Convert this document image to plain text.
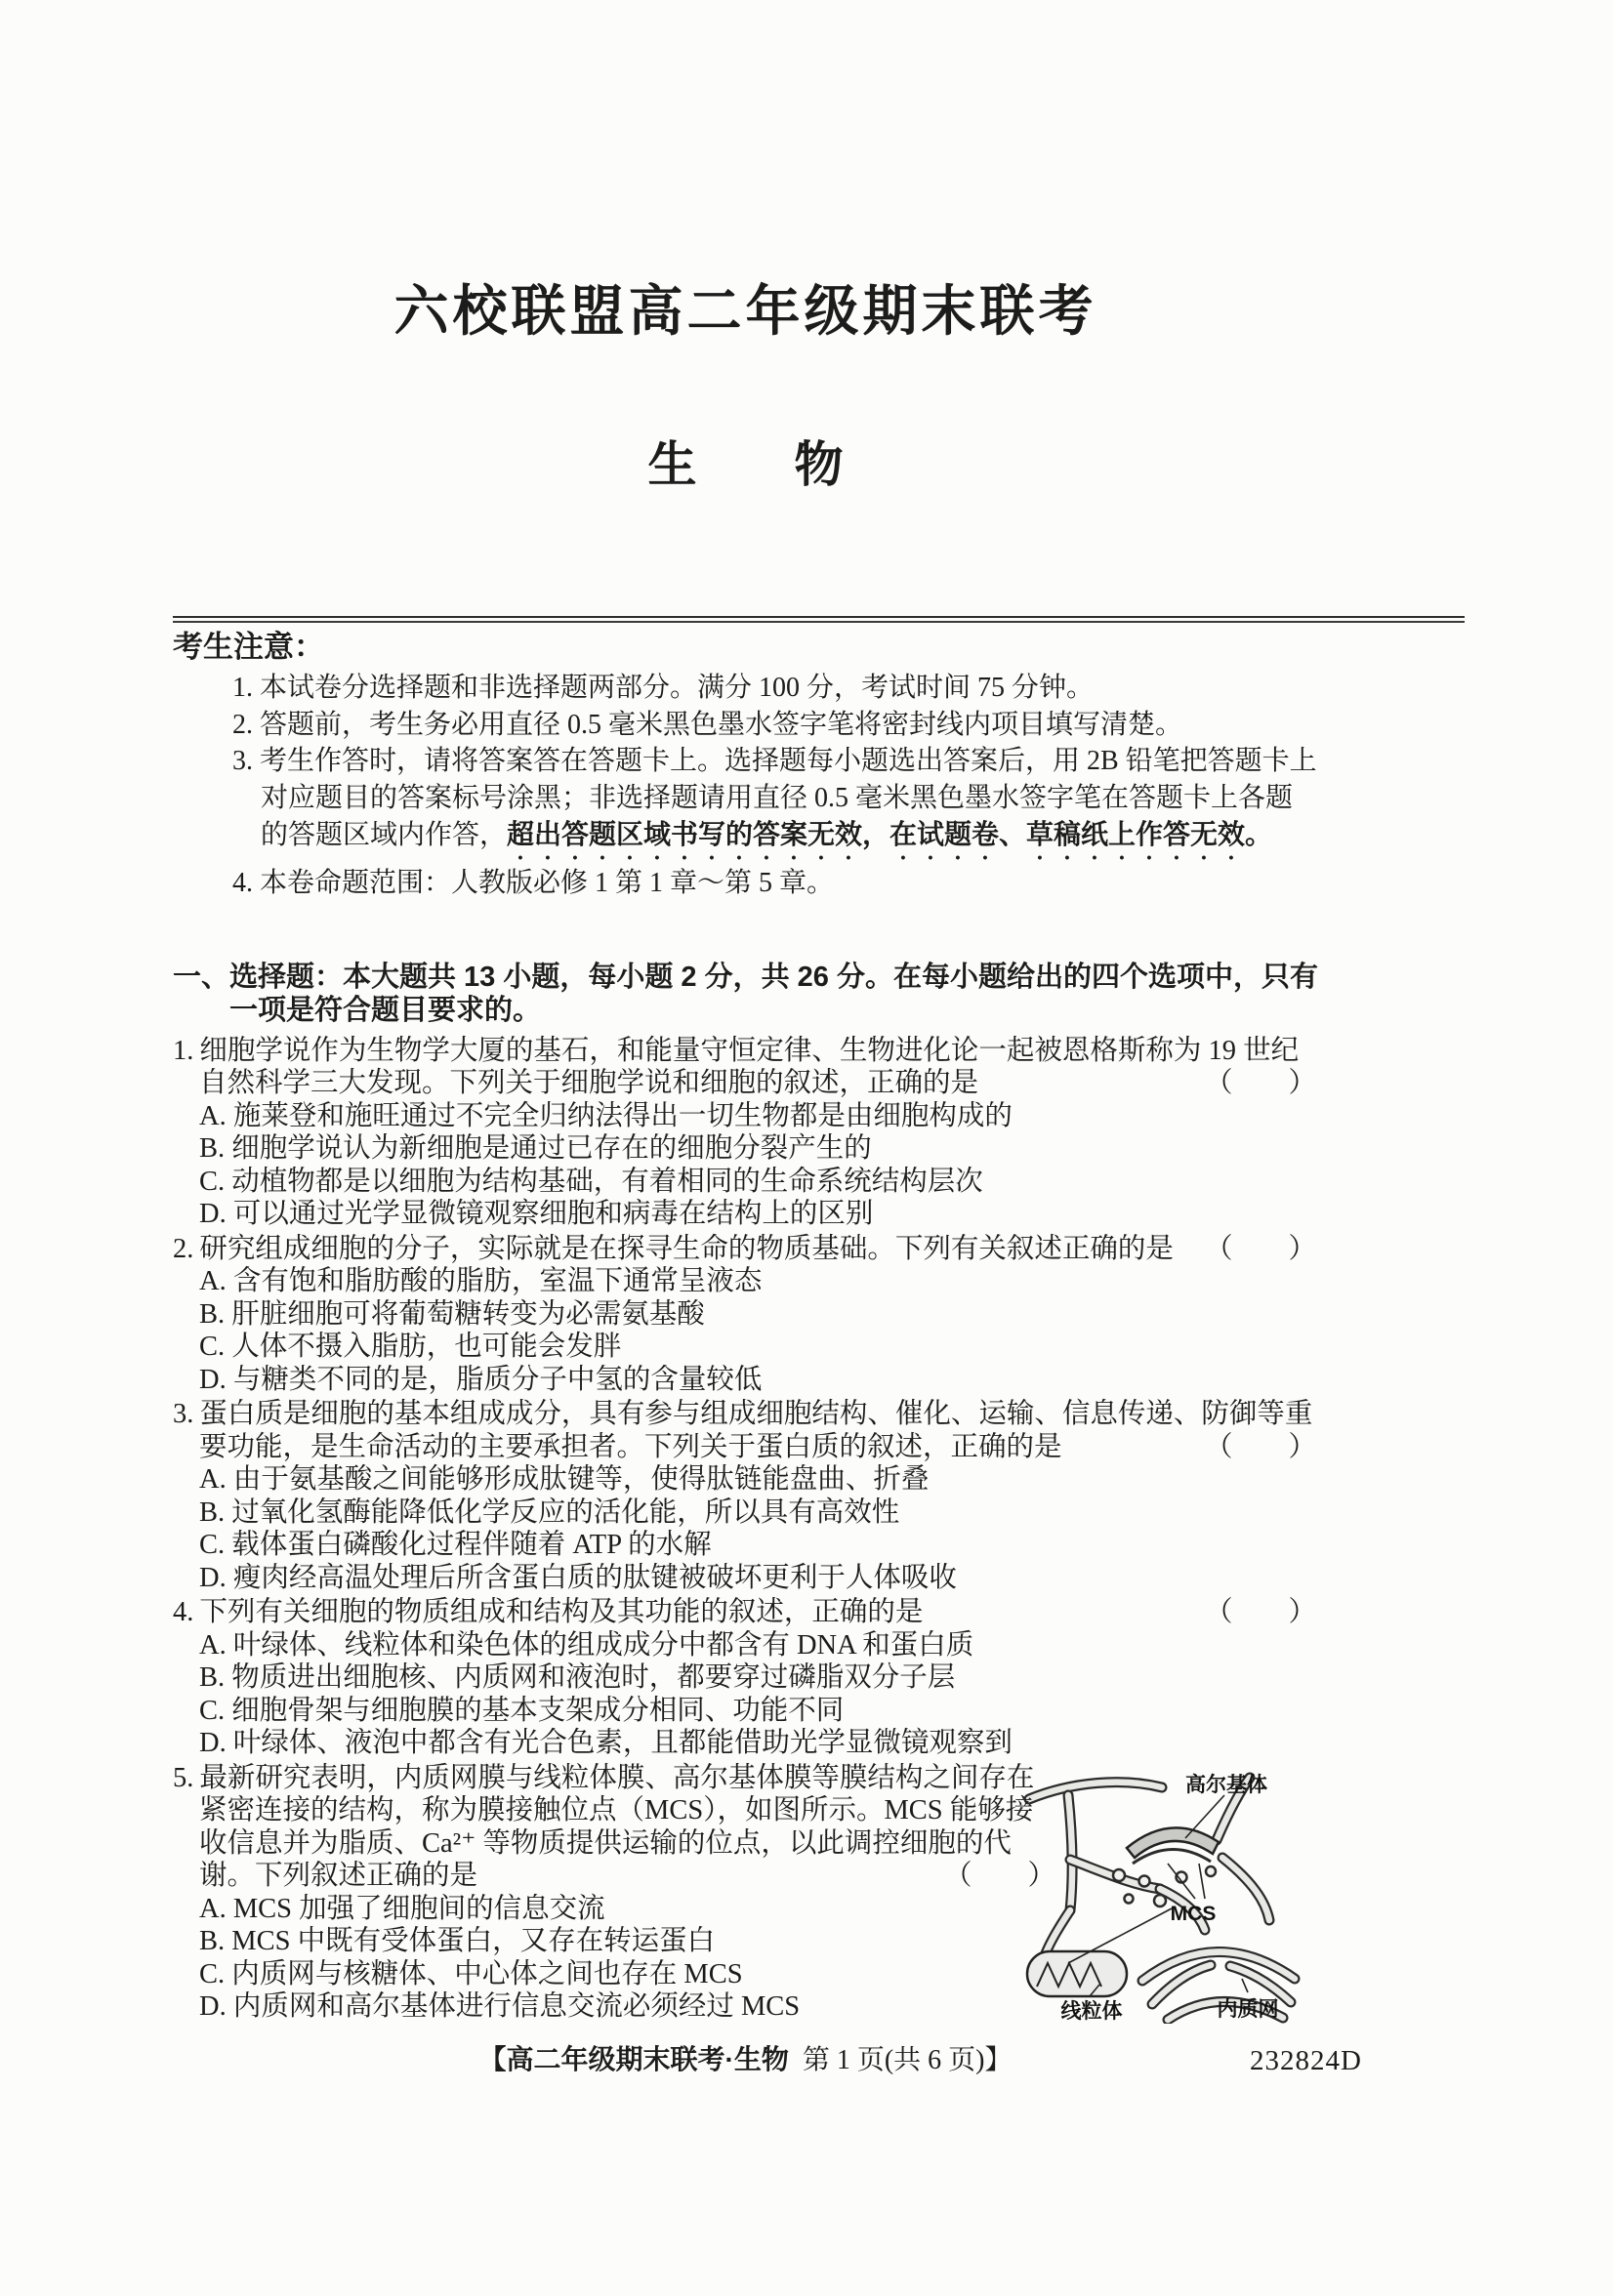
六校联盟高二年级期末联考
生　　物
考生注意：
1. 本试卷分选择题和非选择题两部分。满分 100 分，考试时间 75 分钟。
2. 答题前，考生务必用直径 0.5 毫米黑色墨水签字笔将密封线内项目填写清楚。
3. 考生作答时，请将答案答在答题卡上。选择题每小题选出答案后，用 2B 铅笔把答题卡上对应题目的答案标号涂黑；非选择题请用直径 0.5 毫米黑色墨水签字笔在答题卡上各题的答题区域内作答，超出答题区域书写的答案无效，在试题卷、草稿纸上作答无效。
4. 本卷命题范围：人教版必修 1 第 1 章～第 5 章。
一、选择题：本大题共 13 小题，每小题 2 分，共 26 分。在每小题给出的四个选项中，只有一项是符合题目要求的。
1. 细胞学说作为生物学大厦的基石，和能量守恒定律、生物进化论一起被恩格斯称为 19 世纪自然科学三大发现。下列关于细胞学说和细胞的叙述，正确的是	（　　）
A. 施莱登和施旺通过不完全归纳法得出一切生物都是由细胞构成的
B. 细胞学说认为新细胞是通过已存在的细胞分裂产生的
C. 动植物都是以细胞为结构基础，有着相同的生命系统结构层次
D. 可以通过光学显微镜观察细胞和病毒在结构上的区别
2. 研究组成细胞的分子，实际就是在探寻生命的物质基础。下列有关叙述正确的是 （　　）
A. 含有饱和脂肪酸的脂肪，室温下通常呈液态
B. 肝脏细胞可将葡萄糖转变为必需氨基酸
C. 人体不摄入脂肪，也可能会发胖
D. 与糖类不同的是，脂质分子中氢的含量较低
3. 蛋白质是细胞的基本组成成分，具有参与组成细胞结构、催化、运输、信息传递、防御等重要功能，是生命活动的主要承担者。下列关于蛋白质的叙述，正确的是	（　　）
A. 由于氨基酸之间能够形成肽键等，使得肽链能盘曲、折叠
B. 过氧化氢酶能降低化学反应的活化能，所以具有高效性
C. 载体蛋白磷酸化过程伴随着 ATP 的水解
D. 瘦肉经高温处理后所含蛋白质的肽键被破坏更利于人体吸收
4. 下列有关细胞的物质组成和结构及其功能的叙述，正确的是	（　　）
A. 叶绿体、线粒体和染色体的组成成分中都含有 DNA 和蛋白质
B. 物质进出细胞核、内质网和液泡时，都要穿过磷脂双分子层
C. 细胞骨架与细胞膜的基本支架成分相同、功能不同
D. 叶绿体、液泡中都含有光合色素，且都能借助光学显微镜观察到
5. 最新研究表明，内质网膜与线粒体膜、高尔基体膜等膜结构之间存在紧密连接的结构，称为膜接触位点（MCS），如图所示。MCS 能够接收信息并为脂质、Ca²⁺ 等物质提供运输的位点，以此调控细胞的代谢。下列叙述正确的是	（　　）
A. MCS 加强了细胞间的信息交流
B. MCS 中既有受体蛋白，又存在转运蛋白
C. 内质网与核糖体、中心体之间也存在 MCS
D. 内质网和高尔基体进行信息交流必须经过 MCS
高尔基体
MCS
线粒体	内质网
【高二年级期末联考·生物 第 1 页(共 6 页)】	232824D
